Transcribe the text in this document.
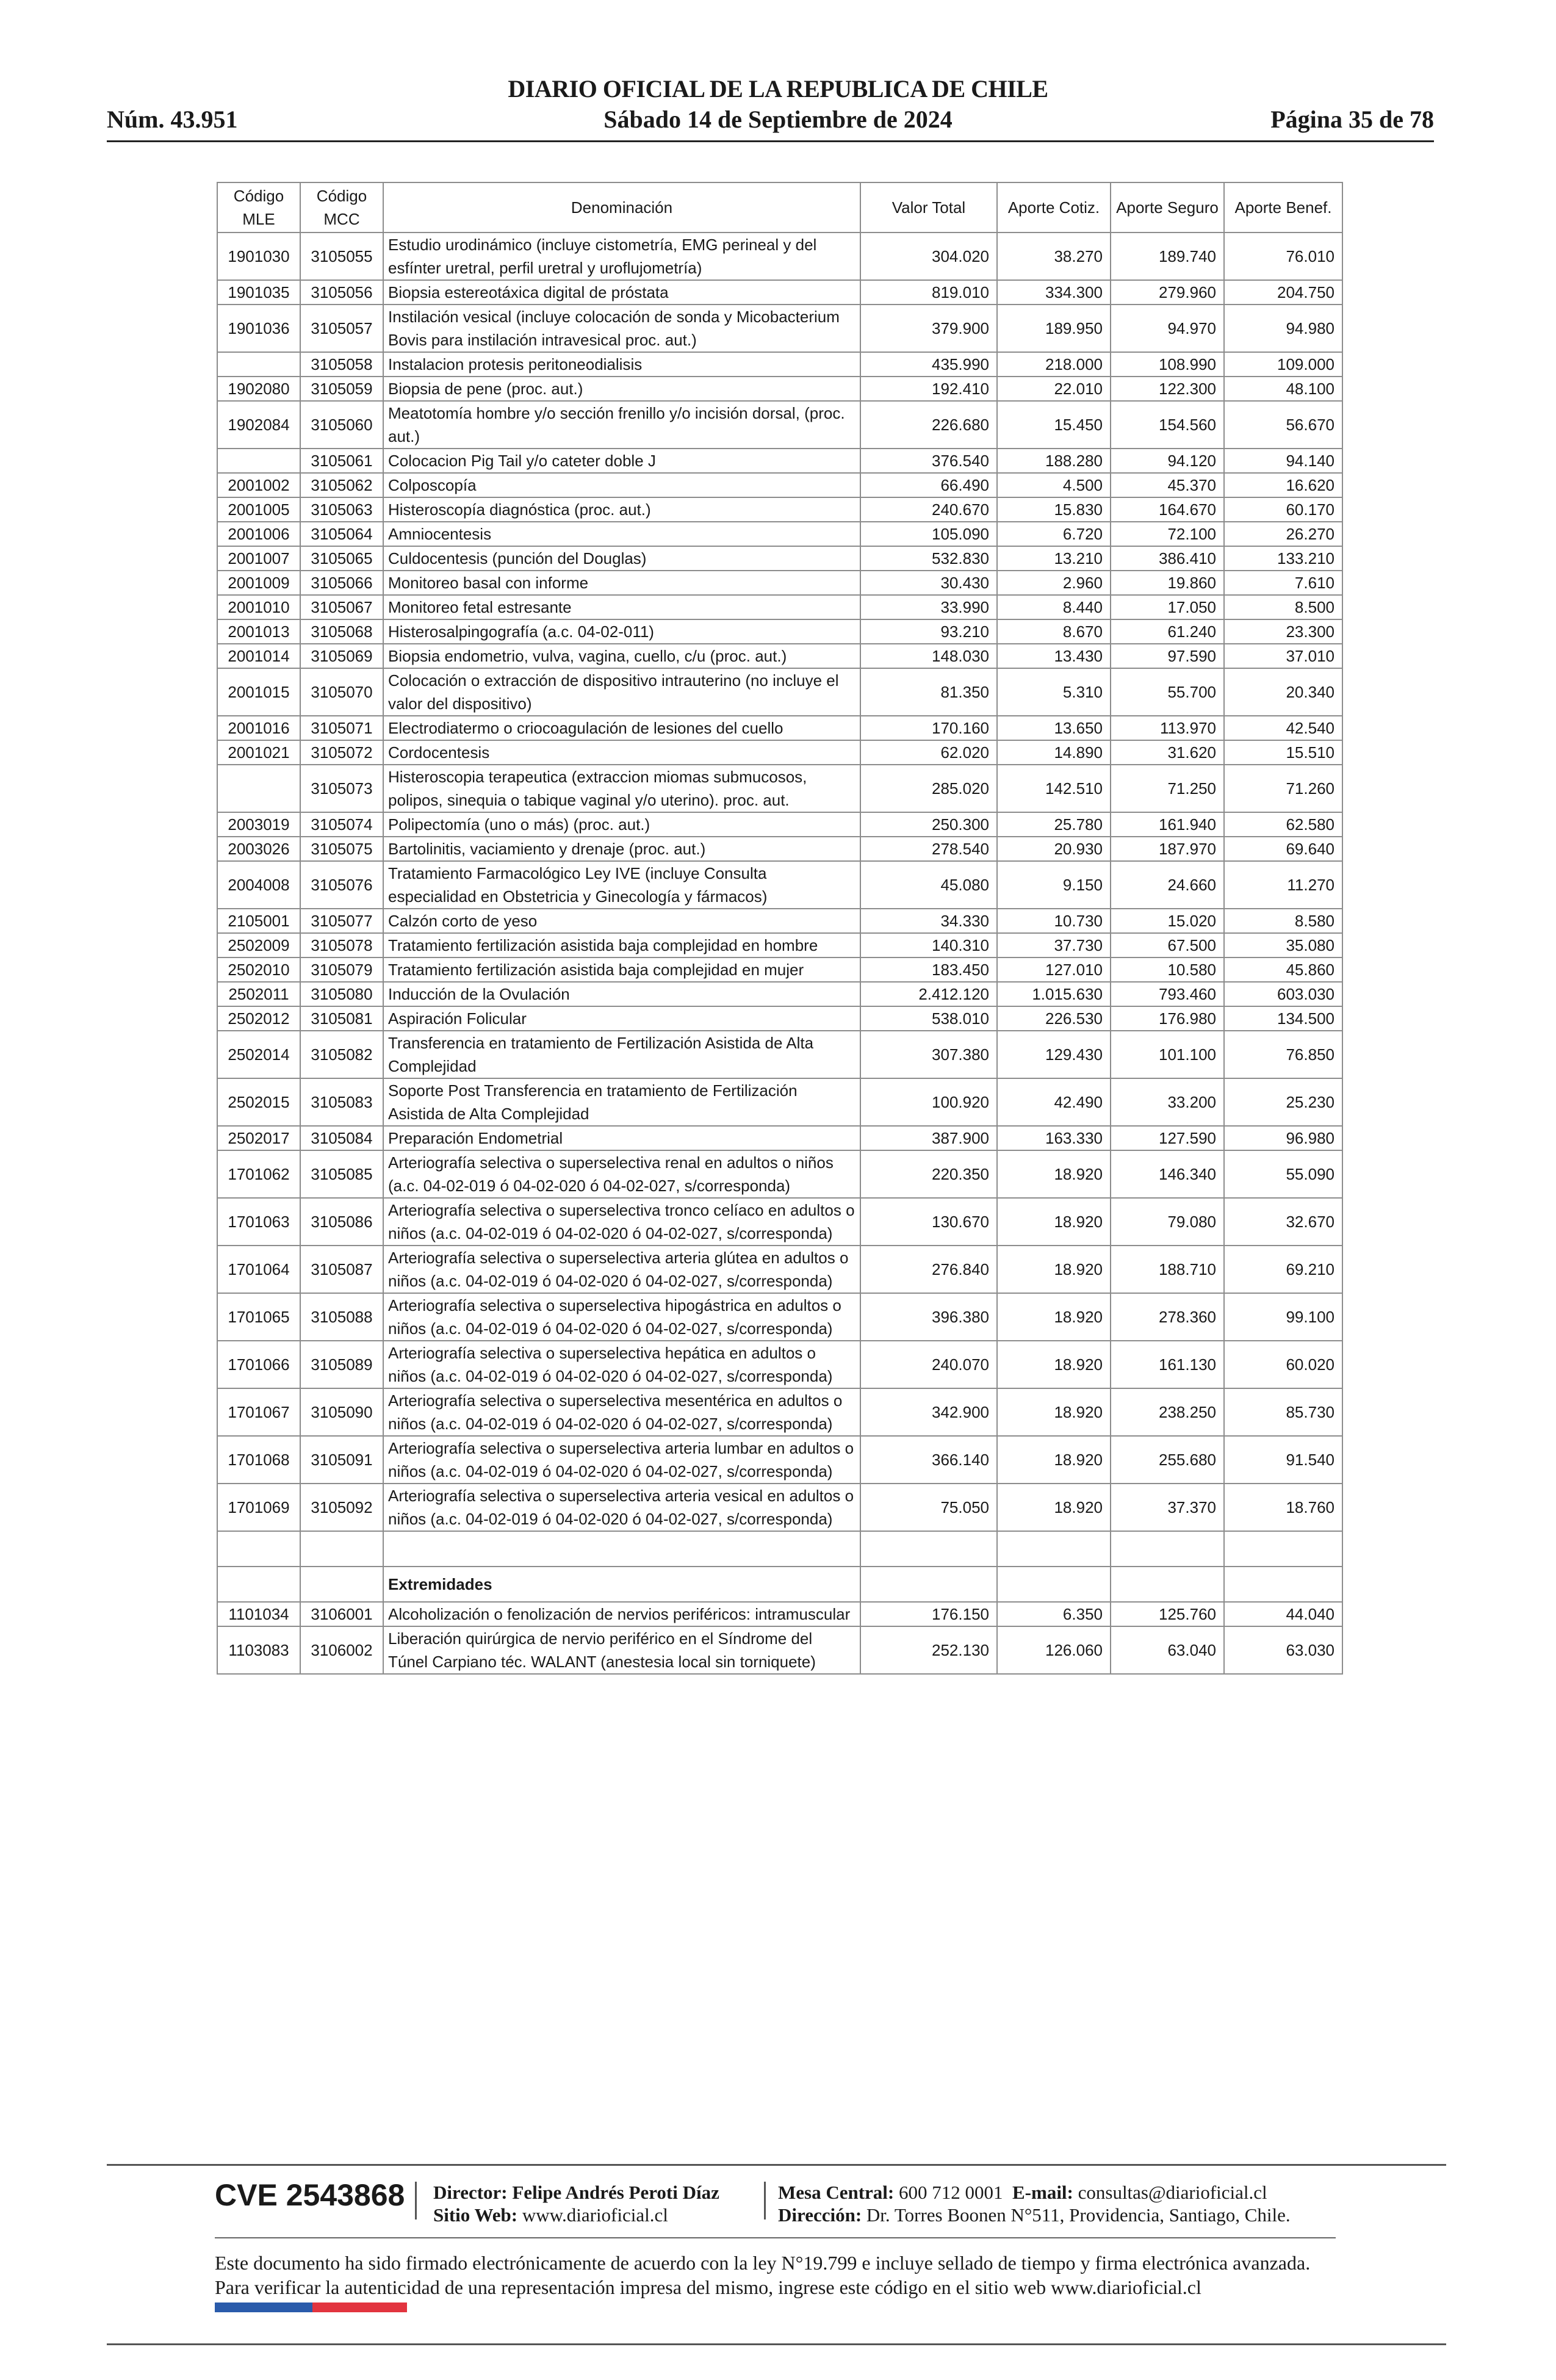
DIARIO OFICIAL DE LA REPUBLICA DE CHILE
Núm. 43.951	Sábado 14 de Septiembre de 2024	Página 35 de 78
Código MLE	Código MCC	Denominación	Valor Total	Aporte Cotiz.	Aporte Seguro	Aporte Benef.
1901030	3105055	Estudio urodinámico (incluye cistometría, EMG perineal y del esfínter uretral, perfil uretral y uroflujometría)	304.020	38.270	189.740	76.010
1901035	3105056	Biopsia estereotáxica digital de próstata	819.010	334.300	279.960	204.750
1901036	3105057	Instilación vesical (incluye colocación de sonda y Micobacterium Bovis para instilación intravesical proc. aut.)	379.900	189.950	94.970	94.980
	3105058	Instalacion protesis peritoneodialisis	435.990	218.000	108.990	109.000
1902080	3105059	Biopsia de pene (proc. aut.)	192.410	22.010	122.300	48.100
1902084	3105060	Meatotomía hombre y/o sección frenillo y/o incisión dorsal, (proc. aut.)	226.680	15.450	154.560	56.670
	3105061	Colocacion Pig Tail y/o cateter doble J	376.540	188.280	94.120	94.140
2001002	3105062	Colposcopía	66.490	4.500	45.370	16.620
2001005	3105063	Histeroscopía diagnóstica (proc. aut.)	240.670	15.830	164.670	60.170
2001006	3105064	Amniocentesis	105.090	6.720	72.100	26.270
2001007	3105065	Culdocentesis (punción del Douglas)	532.830	13.210	386.410	133.210
2001009	3105066	Monitoreo basal con informe	30.430	2.960	19.860	7.610
2001010	3105067	Monitoreo fetal estresante	33.990	8.440	17.050	8.500
2001013	3105068	Histerosalpingografía (a.c. 04-02-011)	93.210	8.670	61.240	23.300
2001014	3105069	Biopsia endometrio, vulva, vagina, cuello, c/u (proc. aut.)	148.030	13.430	97.590	37.010
2001015	3105070	Colocación o extracción de dispositivo intrauterino (no incluye el valor del dispositivo)	81.350	5.310	55.700	20.340
2001016	3105071	Electrodiatermo o criocoagulación de lesiones del cuello	170.160	13.650	113.970	42.540
2001021	3105072	Cordocentesis	62.020	14.890	31.620	15.510
	3105073	Histeroscopia terapeutica (extraccion miomas submucosos, polipos, sinequia o tabique vaginal y/o uterino). proc. aut.	285.020	142.510	71.250	71.260
2003019	3105074	Polipectomía (uno o más) (proc. aut.)	250.300	25.780	161.940	62.580
2003026	3105075	Bartolinitis, vaciamiento y drenaje (proc. aut.)	278.540	20.930	187.970	69.640
2004008	3105076	Tratamiento Farmacológico Ley IVE (incluye Consulta especialidad en Obstetricia y Ginecología y fármacos)	45.080	9.150	24.660	11.270
2105001	3105077	Calzón corto de yeso	34.330	10.730	15.020	8.580
2502009	3105078	Tratamiento fertilización asistida baja complejidad en hombre	140.310	37.730	67.500	35.080
2502010	3105079	Tratamiento fertilización asistida baja complejidad en mujer	183.450	127.010	10.580	45.860
2502011	3105080	Inducción de la Ovulación	2.412.120	1.015.630	793.460	603.030
2502012	3105081	Aspiración Folicular	538.010	226.530	176.980	134.500
2502014	3105082	Transferencia en tratamiento de Fertilización Asistida de Alta Complejidad	307.380	129.430	101.100	76.850
2502015	3105083	Soporte Post Transferencia en tratamiento de Fertilización Asistida de Alta Complejidad	100.920	42.490	33.200	25.230
2502017	3105084	Preparación Endometrial	387.900	163.330	127.590	96.980
1701062	3105085	Arteriografía selectiva o superselectiva renal en adultos o niños (a.c. 04-02-019 ó 04-02-020 ó 04-02-027, s/corresponda)	220.350	18.920	146.340	55.090
1701063	3105086	Arteriografía selectiva o superselectiva tronco celíaco en adultos o niños (a.c. 04-02-019 ó 04-02-020 ó 04-02-027, s/corresponda)	130.670	18.920	79.080	32.670
1701064	3105087	Arteriografía selectiva o superselectiva arteria glútea en adultos o niños (a.c. 04-02-019 ó 04-02-020 ó 04-02-027, s/corresponda)	276.840	18.920	188.710	69.210
1701065	3105088	Arteriografía selectiva o superselectiva hipogástrica en adultos o niños (a.c. 04-02-019 ó 04-02-020 ó 04-02-027, s/corresponda)	396.380	18.920	278.360	99.100
1701066	3105089	Arteriografía selectiva o superselectiva hepática en adultos o niños (a.c. 04-02-019 ó 04-02-020 ó 04-02-027, s/corresponda)	240.070	18.920	161.130	60.020
1701067	3105090	Arteriografía selectiva o superselectiva mesentérica en adultos o niños (a.c. 04-02-019 ó 04-02-020 ó 04-02-027, s/corresponda)	342.900	18.920	238.250	85.730
1701068	3105091	Arteriografía selectiva o superselectiva arteria lumbar en adultos o niños (a.c. 04-02-019 ó 04-02-020 ó 04-02-027, s/corresponda)	366.140	18.920	255.680	91.540
1701069	3105092	Arteriografía selectiva o superselectiva arteria vesical en adultos o niños (a.c. 04-02-019 ó 04-02-020 ó 04-02-027, s/corresponda)	75.050	18.920	37.370	18.760

		Extremidades				
1101034	3106001	Alcoholización o fenolización de nervios periféricos: intramuscular	176.150	6.350	125.760	44.040
1103083	3106002	Liberación quirúrgica de nervio periférico en el Síndrome del Túnel Carpiano téc. WALANT (anestesia local sin torniquete)	252.130	126.060	63.040	63.030
CVE 2543868 Director: Felipe Andrés Peroti Díaz
Sitio Web: www.diarioficial.cl
Mesa Central: 600 712 0001 E-mail: consultas@diarioficial.cl
Dirección: Dr. Torres Boonen N°511, Providencia, Santiago, Chile.
Este documento ha sido firmado electrónicamente de acuerdo con la ley N°19.799 e incluye sellado de tiempo y firma electrónica avanzada. Para verificar la autenticidad de una representación impresa del mismo, ingrese este código en el sitio web www.diarioficial.cl
